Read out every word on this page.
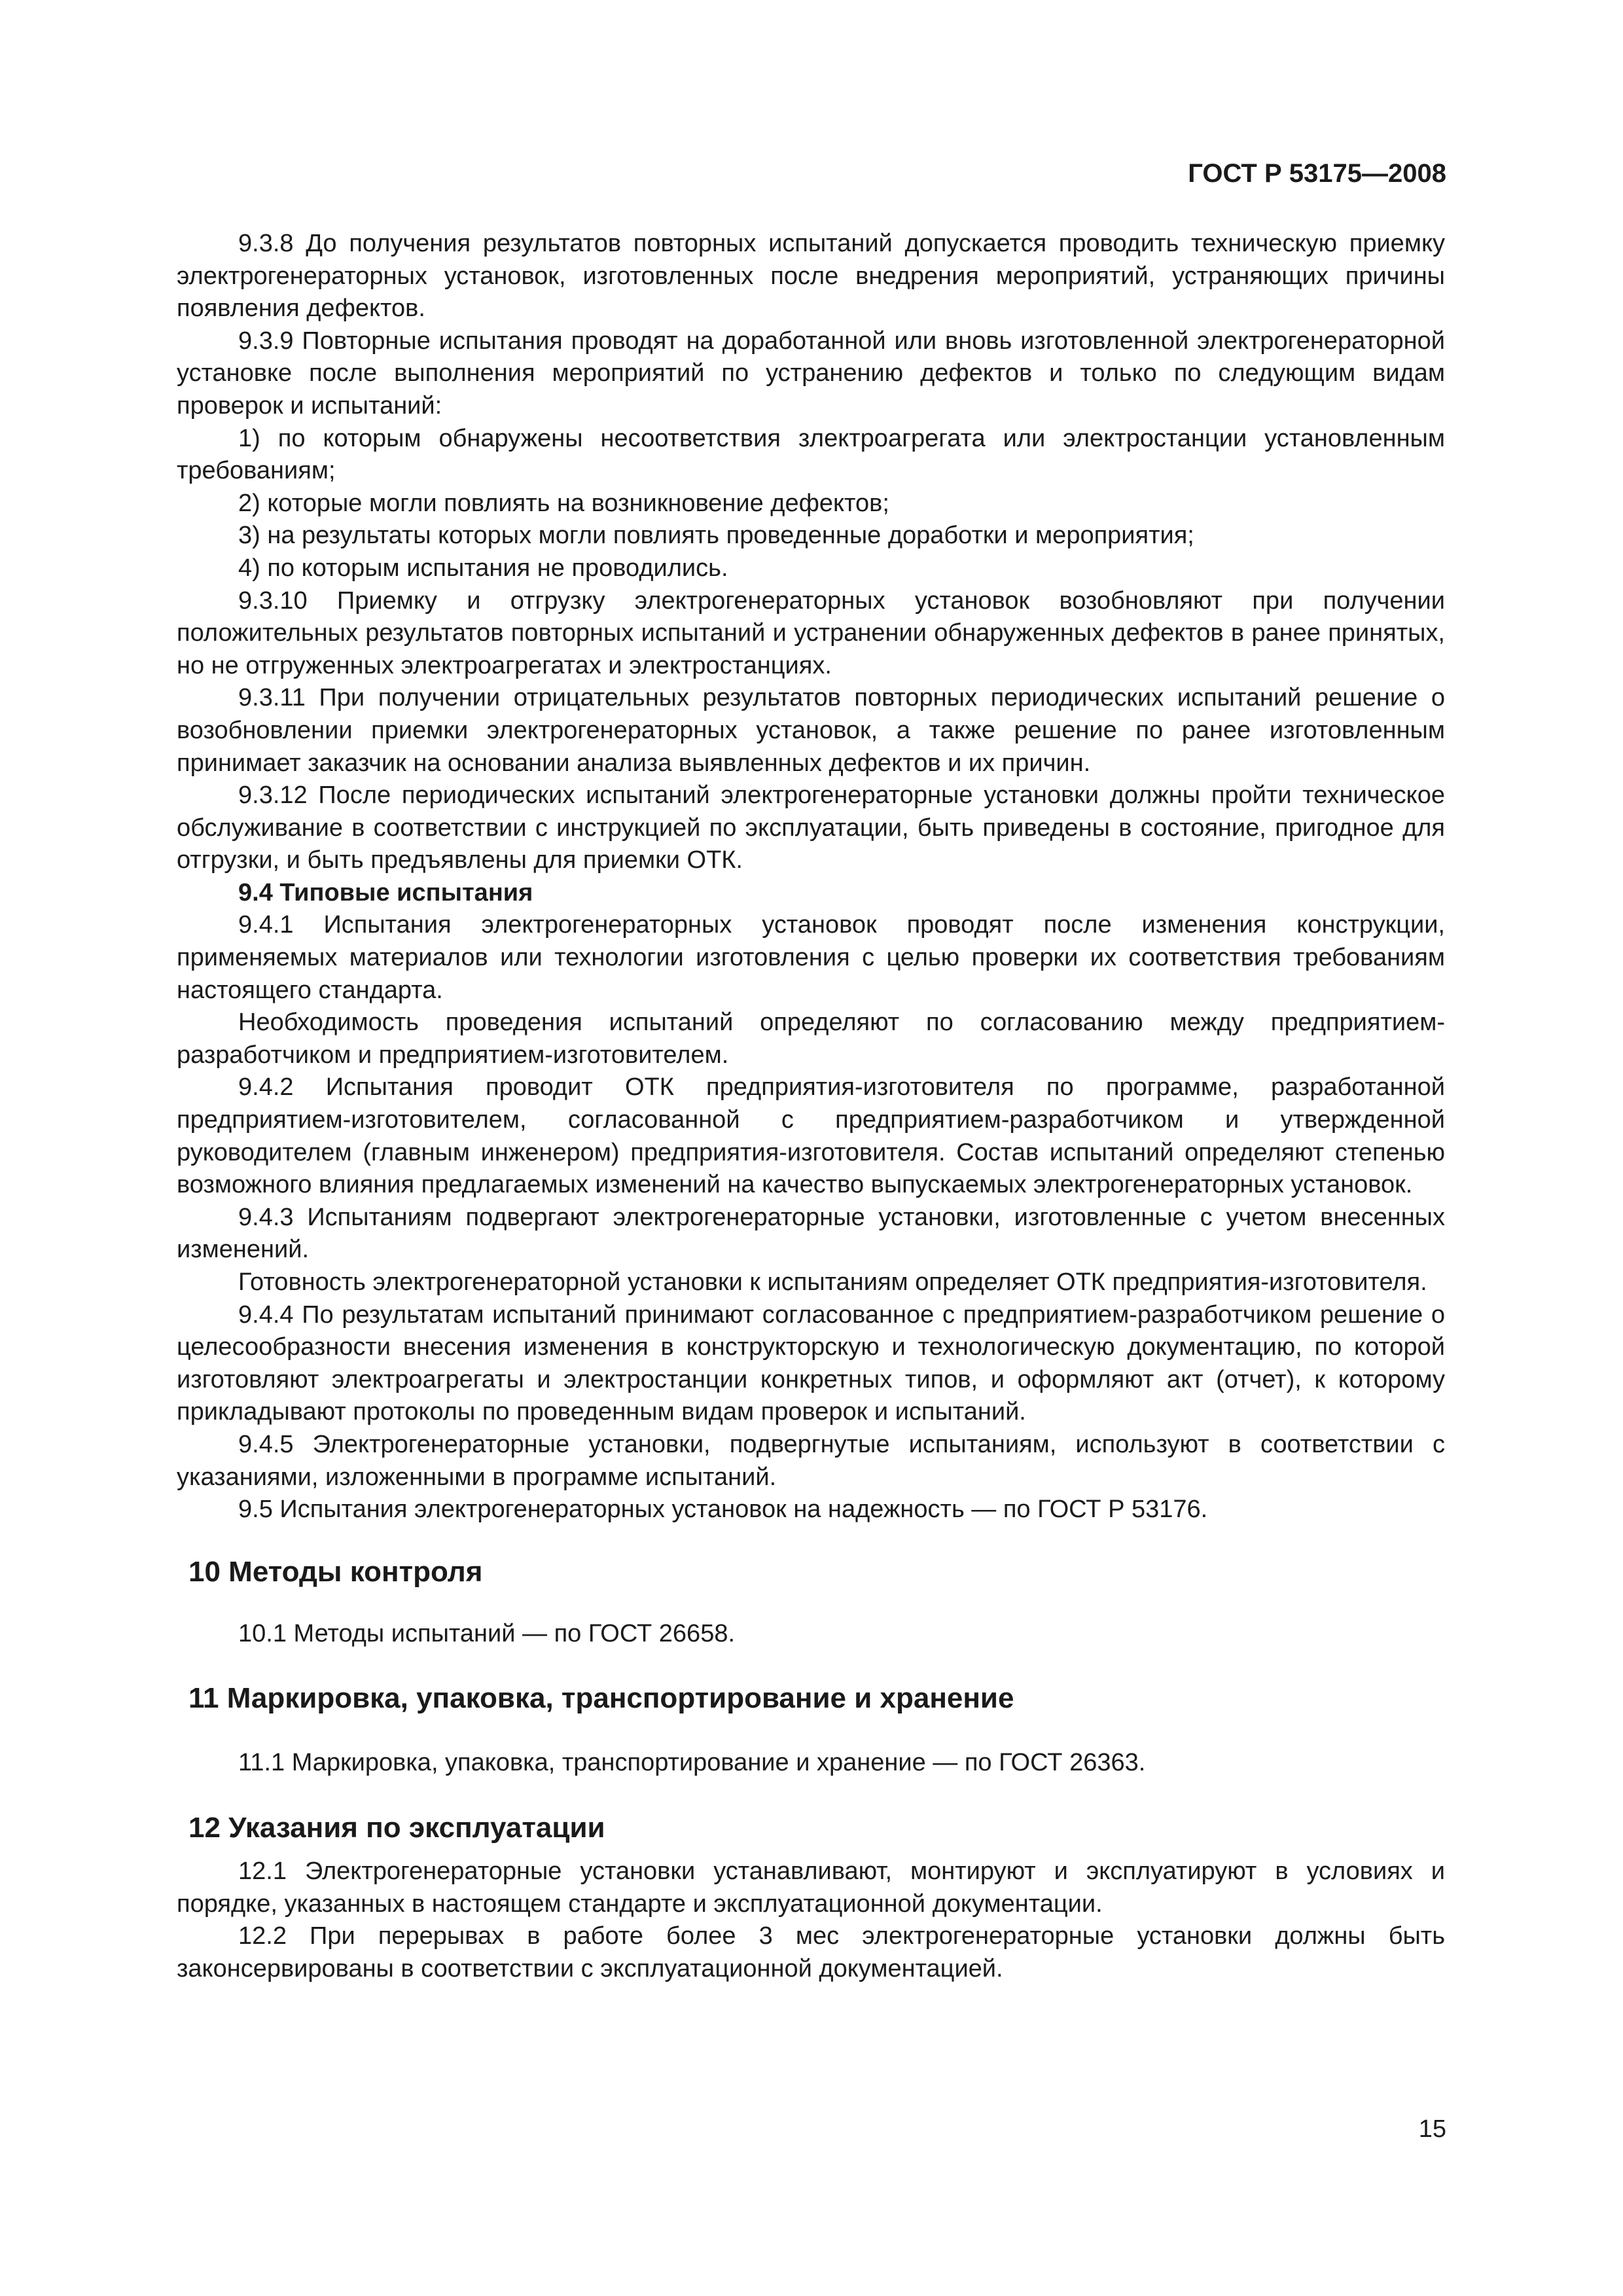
ГОСТ Р 53175—2008

9.3.8 До получения результатов повторных испытаний допускается проводить техническую приемку электрогенераторных установок, изготовленных после внедрения мероприятий, устраняющих причины появления дефектов.

9.3.9 Повторные испытания проводят на доработанной или вновь изготовленной электрогенераторной установке после выполнения мероприятий по устранению дефектов и только по следующим видам проверок и испытаний:

1) по которым обнаружены несоответствия злектроагрегата или электростанции установленным требованиям;

2) которые могли повлиять на возникновение дефектов;

3) на результаты которых могли повлиять проведенные доработки и мероприятия;

4) по которым испытания не проводились.

9.3.10 Приемку и отгрузку электрогенераторных установок возобновляют при получении положительных результатов повторных испытаний и устранении обнаруженных дефектов в ранее принятых, но не отгруженных электроагрегатах и электростанциях.

9.3.11 При получении отрицательных результатов повторных периодических испытаний решение о возобновлении приемки электрогенераторных установок, а также решение по ранее изготовленным принимает заказчик на основании анализа выявленных дефектов и их причин.

9.3.12 После периодических испытаний электрогенераторные установки должны пройти техническое обслуживание в соответствии с инструкцией по эксплуатации, быть приведены в состояние, пригодное для отгрузки, и быть предъявлены для приемки ОТК.

9.4 Типовые испытания

9.4.1 Испытания электрогенераторных установок проводят после изменения конструкции, применяемых материалов или технологии изготовления с целью проверки их соответствия требованиям настоящего стандарта.

Необходимость проведения испытаний определяют по согласованию между предприятием-разработчиком и предприятием-изготовителем.

9.4.2 Испытания проводит ОТК предприятия-изготовителя по программе, разработанной предприятием-изготовителем, согласованной с предприятием-разработчиком и утвержденной руководителем (главным инженером) предприятия-изготовителя. Состав испытаний определяют степенью возможного влияния предлагаемых изменений на качество выпускаемых электрогенераторных установок.

9.4.3 Испытаниям подвергают электрогенераторные установки, изготовленные с учетом внесенных изменений.

Готовность электрогенераторной установки к испытаниям определяет ОТК предприятия-изготовителя.

9.4.4 По результатам испытаний принимают согласованное с предприятием-разработчиком решение о целесообразности внесения изменения в конструкторскую и технологическую документацию, по которой изготовляют электроагрегаты и электростанции конкретных типов, и оформляют акт (отчет), к которому прикладывают протоколы по проведенным видам проверок и испытаний.

9.4.5 Электрогенераторные установки, подвергнутые испытаниям, используют в соответствии с указаниями, изложенными в программе испытаний.

9.5 Испытания электрогенераторных установок на надежность — по ГОСТ Р 53176.

10 Методы контроля

10.1 Методы испытаний — по ГОСТ 26658.

11 Маркировка, упаковка, транспортирование и хранение

11.1 Маркировка, упаковка, транспортирование и хранение — по ГОСТ 26363.

12 Указания по эксплуатации

12.1 Электрогенераторные установки устанавливают, монтируют и эксплуатируют в условиях и порядке, указанных в настоящем стандарте и эксплуатационной документации.

12.2 При перерывах в работе более 3 мес электрогенераторные установки должны быть законсервированы в соответствии с эксплуатационной документацией.

15
